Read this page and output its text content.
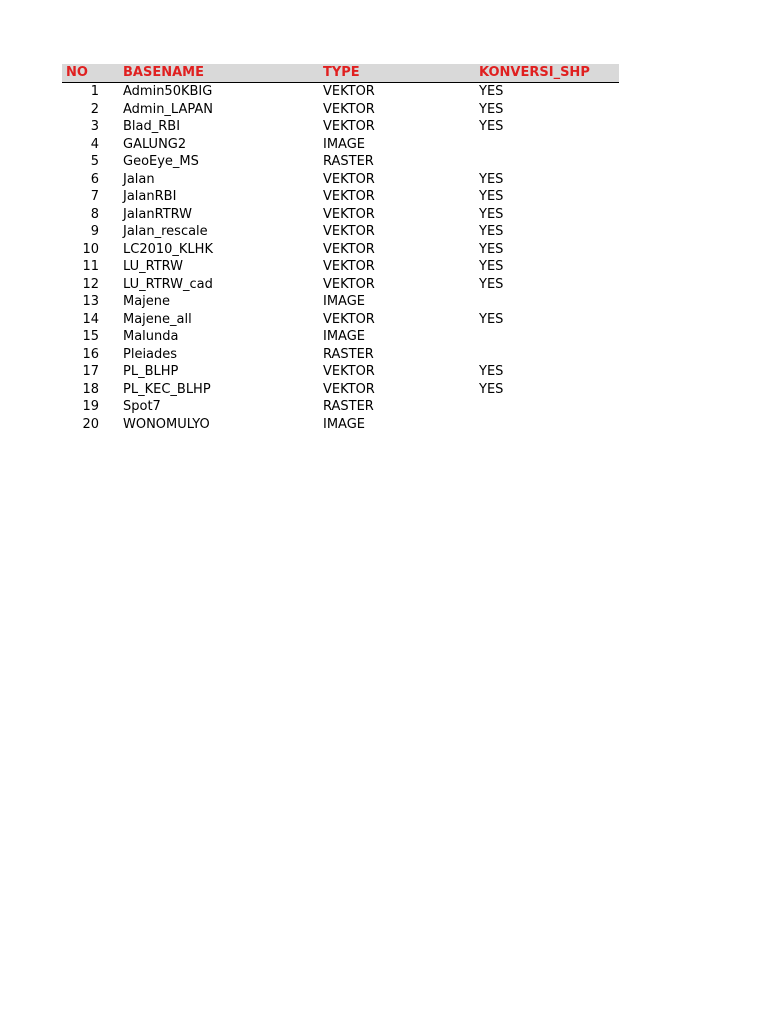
NO	BASENAME	TYPE	KONVERSI_SHP
1	Admin50KBIG	VEKTOR	YES
2	Admin_LAPAN	VEKTOR	YES
3	Blad_RBI	VEKTOR	YES
4	GALUNG2	IMAGE	
5	GeoEye_MS	RASTER	
6	Jalan	VEKTOR	YES
7	JalanRBI	VEKTOR	YES
8	JalanRTRW	VEKTOR	YES
9	Jalan_rescale	VEKTOR	YES
10	LC2010_KLHK	VEKTOR	YES
11	LU_RTRW	VEKTOR	YES
12	LU_RTRW_cad	VEKTOR	YES
13	Majene	IMAGE	
14	Majene_all	VEKTOR	YES
15	Malunda	IMAGE	
16	Pleiades	RASTER	
17	PL_BLHP	VEKTOR	YES
18	PL_KEC_BLHP	VEKTOR	YES
19	Spot7	RASTER	
20	WONOMULYO	IMAGE	
